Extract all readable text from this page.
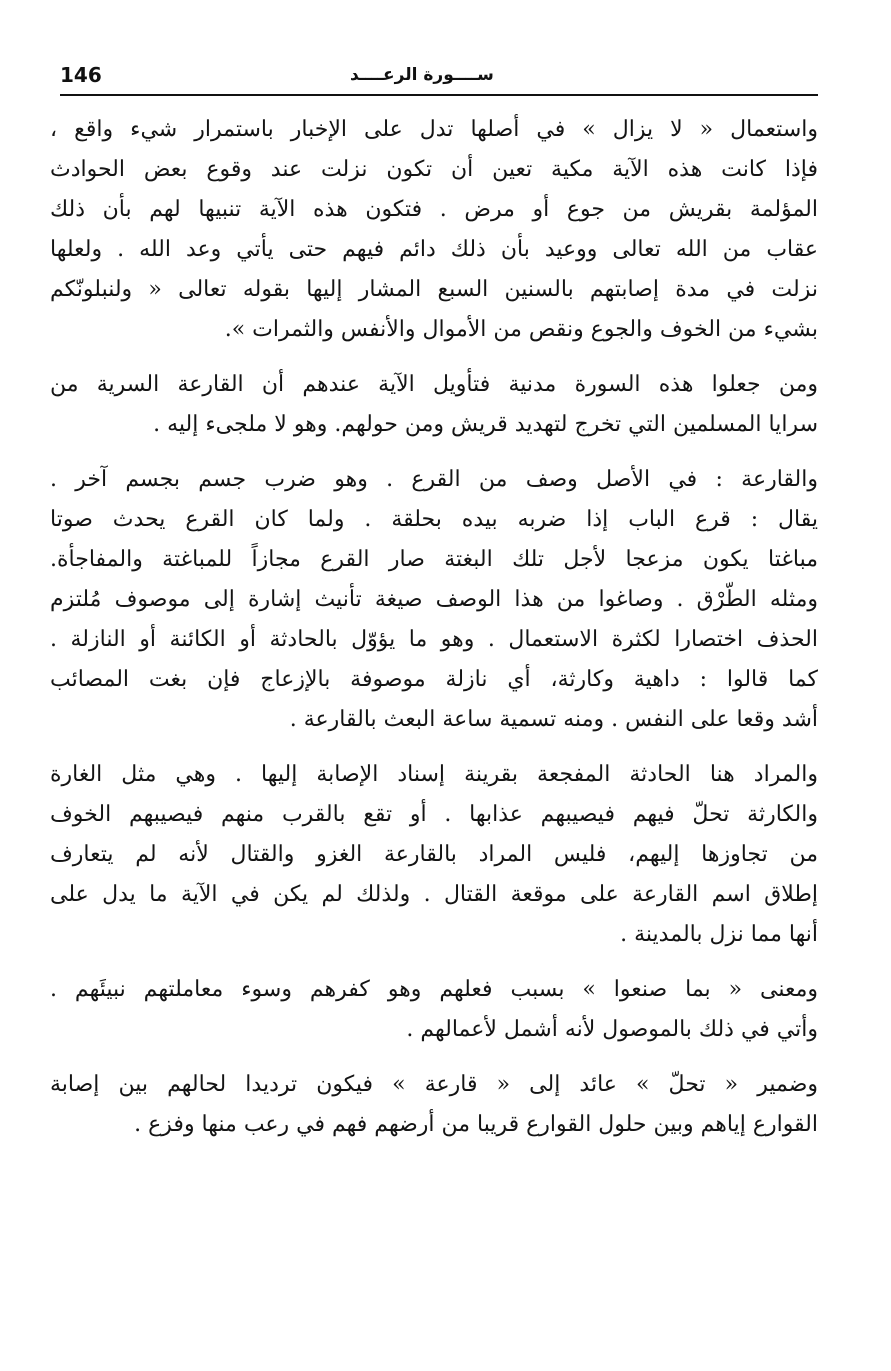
146	ســــورة الرعــــد

واستعمال « لا يزال » في أصلها تدل على الإخبار باستمرار شيء واقع ،
فإذا كانت هذه الآية مكية تعين أن تكون نزلت عند وقوع بعض الحوادث
المؤلمة بقريش من جوع أو مرض . فتكون هذه الآية تنبيها لهم بأن ذلك
عقاب من الله تعالى ووعيد بأن ذلك دائم فيهم حتى يأتي وعد الله . ولعلها
نزلت في مدة إصابتهم بالسنين السبع المشار إليها بقوله تعالى « ولنبلونّكم
بشيء من الخوف والجوع ونقص من الأموال والأنفس والثمرات ».

ومن جعلوا هذه السورة مدنية فتأويل الآية عندهم أن القارعة السرية من
سرايا المسلمين التي تخرج لتهديد قريش ومن حولهم. وهو لا ملجىء إليه .

والقارعة : في الأصل وصف من القرع . وهو ضرب جسم بجسم آخر .
يقال : قرع الباب إذا ضربه بيده بحلقة . ولما كان القرع يحدث صوتا
مباغتا يكون مزعجا لأجل تلك البغتة صار القرع مجازاً للمباغتة والمفاجأة.
ومثله الطّرْق . وصاغوا من هذا الوصف صيغة تأنيث إشارة إلى موصوف مُلتزم
الحذف اختصارا لكثرة الاستعمال . وهو ما يؤوّل بالحادثة أو الكائنة أو النازلة .
كما قالوا : داهية وكارثة، أي نازلة موصوفة بالإزعاج فإن بغت المصائب
أشد وقعا على النفس . ومنه تسمية ساعة البعث بالقارعة .

والمراد هنا الحادثة المفجعة بقرينة إسناد الإصابة إليها . وهي مثل الغارة
والكارثة تحلّ فيهم فيصيبهم عذابها . أو تقع بالقرب منهم فيصيبهم الخوف
من تجاوزها إليهم، فليس المراد بالقارعة الغزو والقتال لأنه لم يتعارف
إطلاق اسم القارعة على موقعة القتال . ولذلك لم يكن في الآية ما يدل على
أنها مما نزل بالمدينة .

ومعنى « بما صنعوا » بسبب فعلهم وهو كفرهم وسوء معاملتهم نبيئَهم .
وأتي في ذلك بالموصول لأنه أشمل لأعمالهم .

وضمير « تحلّ » عائد إلى « قارعة » فيكون ترديدا لحالهم بين إصابة
القوارع إياهم وبين حلول القوارع قريبا من أرضهم فهم في رعب منها وفزع .
